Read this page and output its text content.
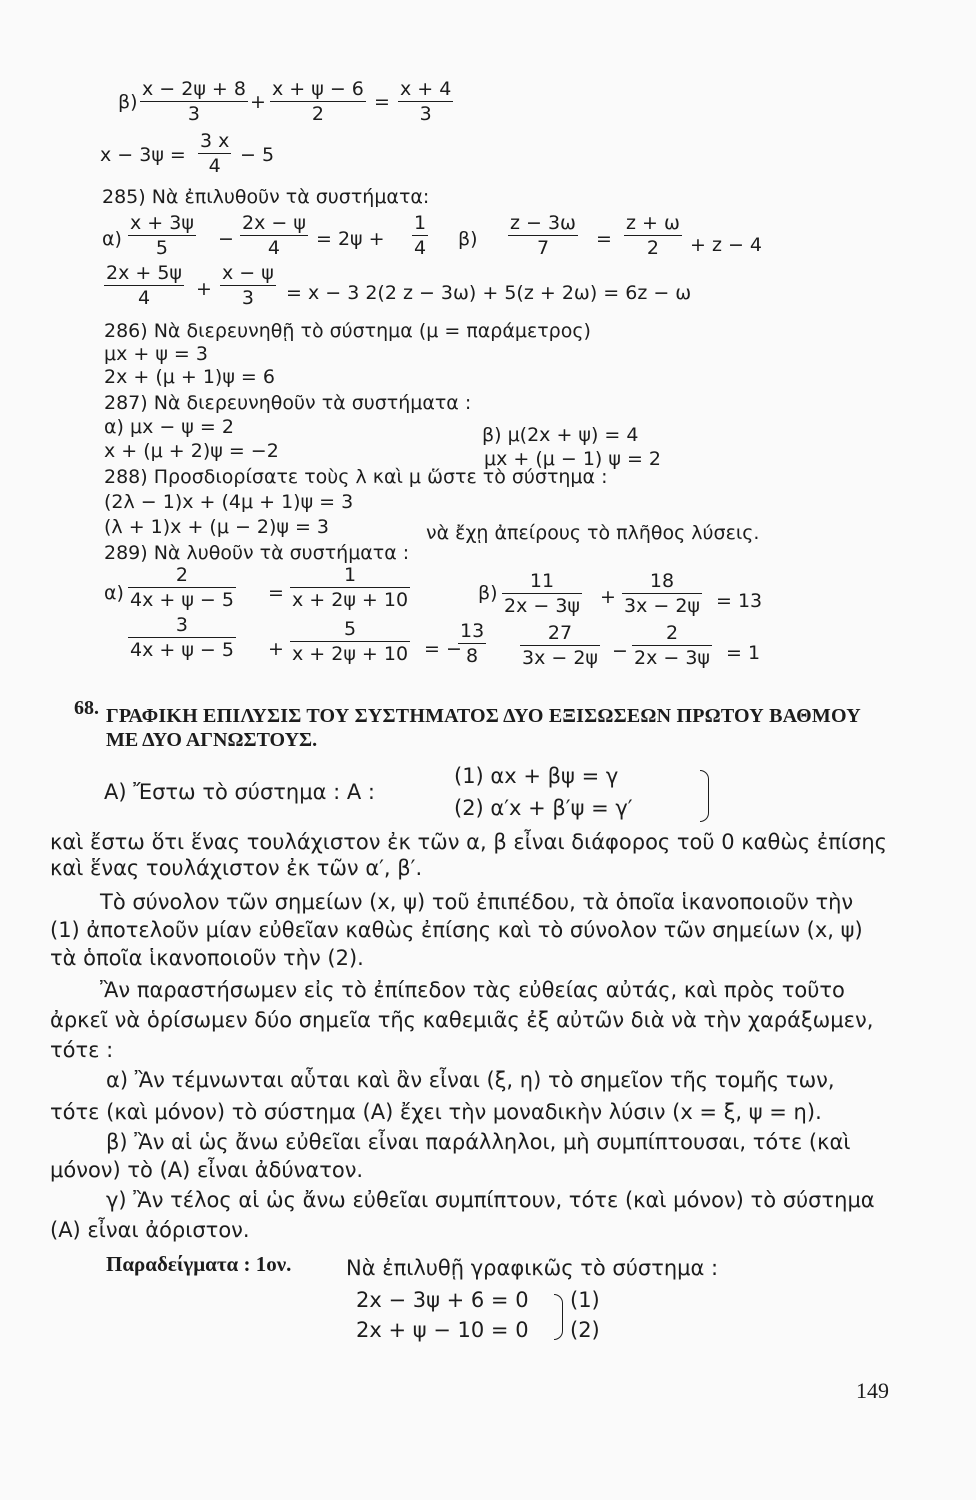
$\beta) \frac{x - 2\psi + 8}{3} + \frac{x + \psi - 6}{2} = \frac{x + 4}{3}$
$x - 3\psi = \frac{3 x}{4} - 5$
285) Νὰ ἐπιλυθοῦν τὰ συστήματα:
$\alpha) \frac{x + 3\psi}{5} - \frac{2x - \psi}{4} = 2\psi + \frac{1}{4} \beta) \frac{z - 3\omega}{7} = \frac{z + \omega}{2} + z - 4$
$\frac{2x + 5\psi}{4} + \frac{x - \psi}{3} = x - 3$ 2(2 z − 3ω) + 5(z + 2ω) = 6z − ω
286) Νὰ διερευνηθῇ τὸ σύστημα (μ = παράμετρος)
μx + ψ = 3
2x + (μ + 1)ψ = 6
287) Νὰ διερευνηθοῦν τὰ συστήματα :
α) μx − ψ = 2
x + (μ + 2)ψ = −2
β) μ(2x + ψ) = 4
μx + (μ − 1) ψ = 2
288) Προσδιορίσατε τοὺς λ καὶ μ ὥστε τὸ σύστημα :
(2λ − 1)x + (4μ + 1)ψ = 3
(λ + 1)x + (μ − 2)ψ = 3	νὰ ἔχῃ ἀπείρους τὸ πλῆθος λύσεις.
289) Νὰ λυθοῦν τὰ συστήματα :
$\alpha) \frac{2}{4x + \psi - 5} = \frac{1}{x + 2\psi + 10}$	$\beta) \frac{11}{2x - 3\psi} + \frac{18}{3x - 2\psi} = 13$
$\frac{3}{4x + \psi - 5} + \frac{5}{x + 2\psi + 10}$ = −
$\frac{13}{8} \frac{27}{3x - 2\psi} - \frac{2}{2x - 3\psi} = 1$
68. ΓΡΑΦΙΚΗ ΕΠΙΛΥΣΙΣ ΤΟΥ ΣΥΣΤΗΜΑΤΟΣ ΔΥΟ ΕΞΙΣΩΣΕΩΝ ΠΡΩΤΟΥ ΒΑΘΜΟΥ
ΜΕ ΔΥΟ ΑΓΝΩΣΤΟΥΣ.
Α) Ἔστω τὸ σύστημα : Α :
(1) αx + βψ = γ
(2) α′x + β′ψ = γ′
καὶ ἔστω ὅτι ἕνας τουλάχιστον ἐκ τῶν α, β εἶναι διάφορος τοῦ 0 καθὼς ἐπίσης
καὶ ἕνας τουλάχιστον ἐκ τῶν α′, β′.
Τὸ σύνολον τῶν σημείων (x, ψ) τοῦ ἐπιπέδου, τὰ ὁποῖα ἱκανοποιοῦν τὴν
(1) ἀποτελοῦν μίαν εὐθεῖαν καθὼς ἐπίσης καὶ τὸ σύνολον τῶν σημείων (x, ψ)
τὰ ὁποῖα ἱκανοποιοῦν τὴν (2).
Ἂν παραστήσωμεν εἰς τὸ ἐπίπεδον τὰς εὐθείας αὐτάς, καὶ πρὸς τοῦτο
ἀρκεῖ νὰ ὁρίσωμεν δύο σημεῖα τῆς καθεμιᾶς ἐξ αὐτῶν διὰ νὰ τὴν χαράξωμεν,
τότε :
α) Ἂν τέμνωνται αὗται καὶ ἂν εἶναι (ξ, η) τὸ σημεῖον τῆς τομῆς των,
τότε (καὶ μόνον) τὸ σύστημα (Α) ἔχει τὴν μοναδικὴν λύσιν (x = ξ, ψ = η).
β) Ἂν αἱ ὡς ἄνω εὐθεῖαι εἶναι παράλληλοι, μὴ συμπίπτουσαι, τότε (καὶ
μόνον) τὸ (Α) εἶναι ἀδύνατον.
γ) Ἂν τέλος αἱ ὡς ἄνω εὐθεῖαι συμπίπτουν, τότε (καὶ μόνον) τὸ σύστημα
(Α) εἶναι ἀόριστον.
Παραδείγματα : 1ον.	Νὰ ἐπιλυθῇ γραφικῶς τὸ σύστημα :
2x − 3ψ + 6 = 0
2x + ψ − 10 = 0
(1)
(2)
149
